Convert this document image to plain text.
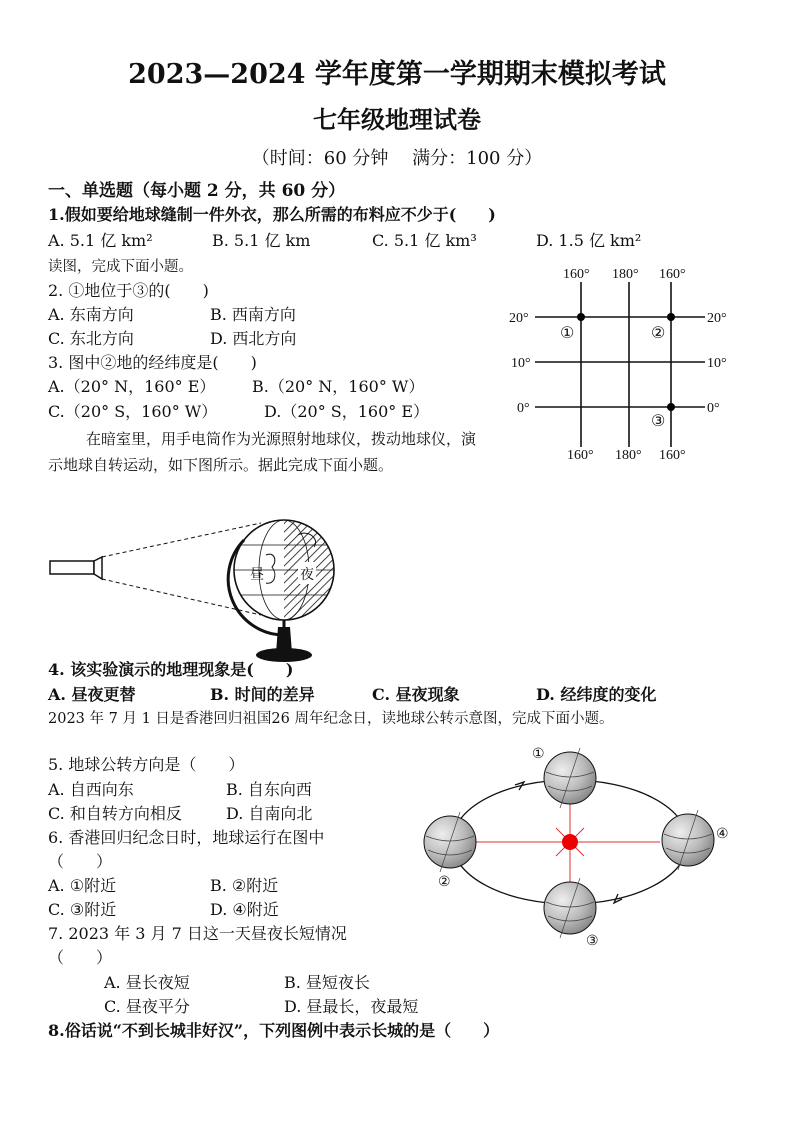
2023—2024 学年度第一学期期末模拟考试
七年级地理试卷
（时间：60 分钟　 满分：100 分）
一、单选题（每小题 2 分，共 60 分）
1.假如要给地球缝制一件外衣，那么所需的布料应不少于(　　)
A. 5.1 亿 km²	B. 5.1 亿 km	C. 5.1 亿 km³	D. 1.5 亿 km²
读图，完成下面小题。
2. ①地位于③的(　　)
A. 东南方向	B. 西南方向
C. 东北方向	D. 西北方向
3. 图中②地的经纬度是(　　)
A.（20° N，160° E） B.（20° N，160° W）
C.（20° S，160° W）	D.（20° S，160° E）
160° 180° 160°
160° 180° 160°
20°
10°
0°
20°
10°
0°
①	②
③
在暗室里，用手电筒作为光源照射地球仪，拨动地球仪，演示地球自转运动，如下图所示。据此完成下面小题。
昼	夜
4. 该实验演示的地理现象是(　　)
A. 昼夜更替	B. 时间的差异	C. 昼夜现象	D. 经纬度的变化
2023 年 7 月 1 日是香港回归祖国26 周年纪念日，读地球公转示意图，完成下面小题。
5. 地球公转方向是（　　）
A. 自西向东	B. 自东向西
C. 和自转方向相反	D. 自南向北
6. 香港回归纪念日时，地球运行在图中
（　　）
A. ①附近	B. ②附近
C. ③附近	D. ④附近
7. 2023 年 3 月 7 日这一天昼夜长短情况
（　　）
A. 昼长夜短	B. 昼短夜长
C. 昼夜平分	D. 昼最长，夜最短
①
②
③
④
8.俗话说“不到长城非好汉”，下列图例中表示长城的是（　　）
